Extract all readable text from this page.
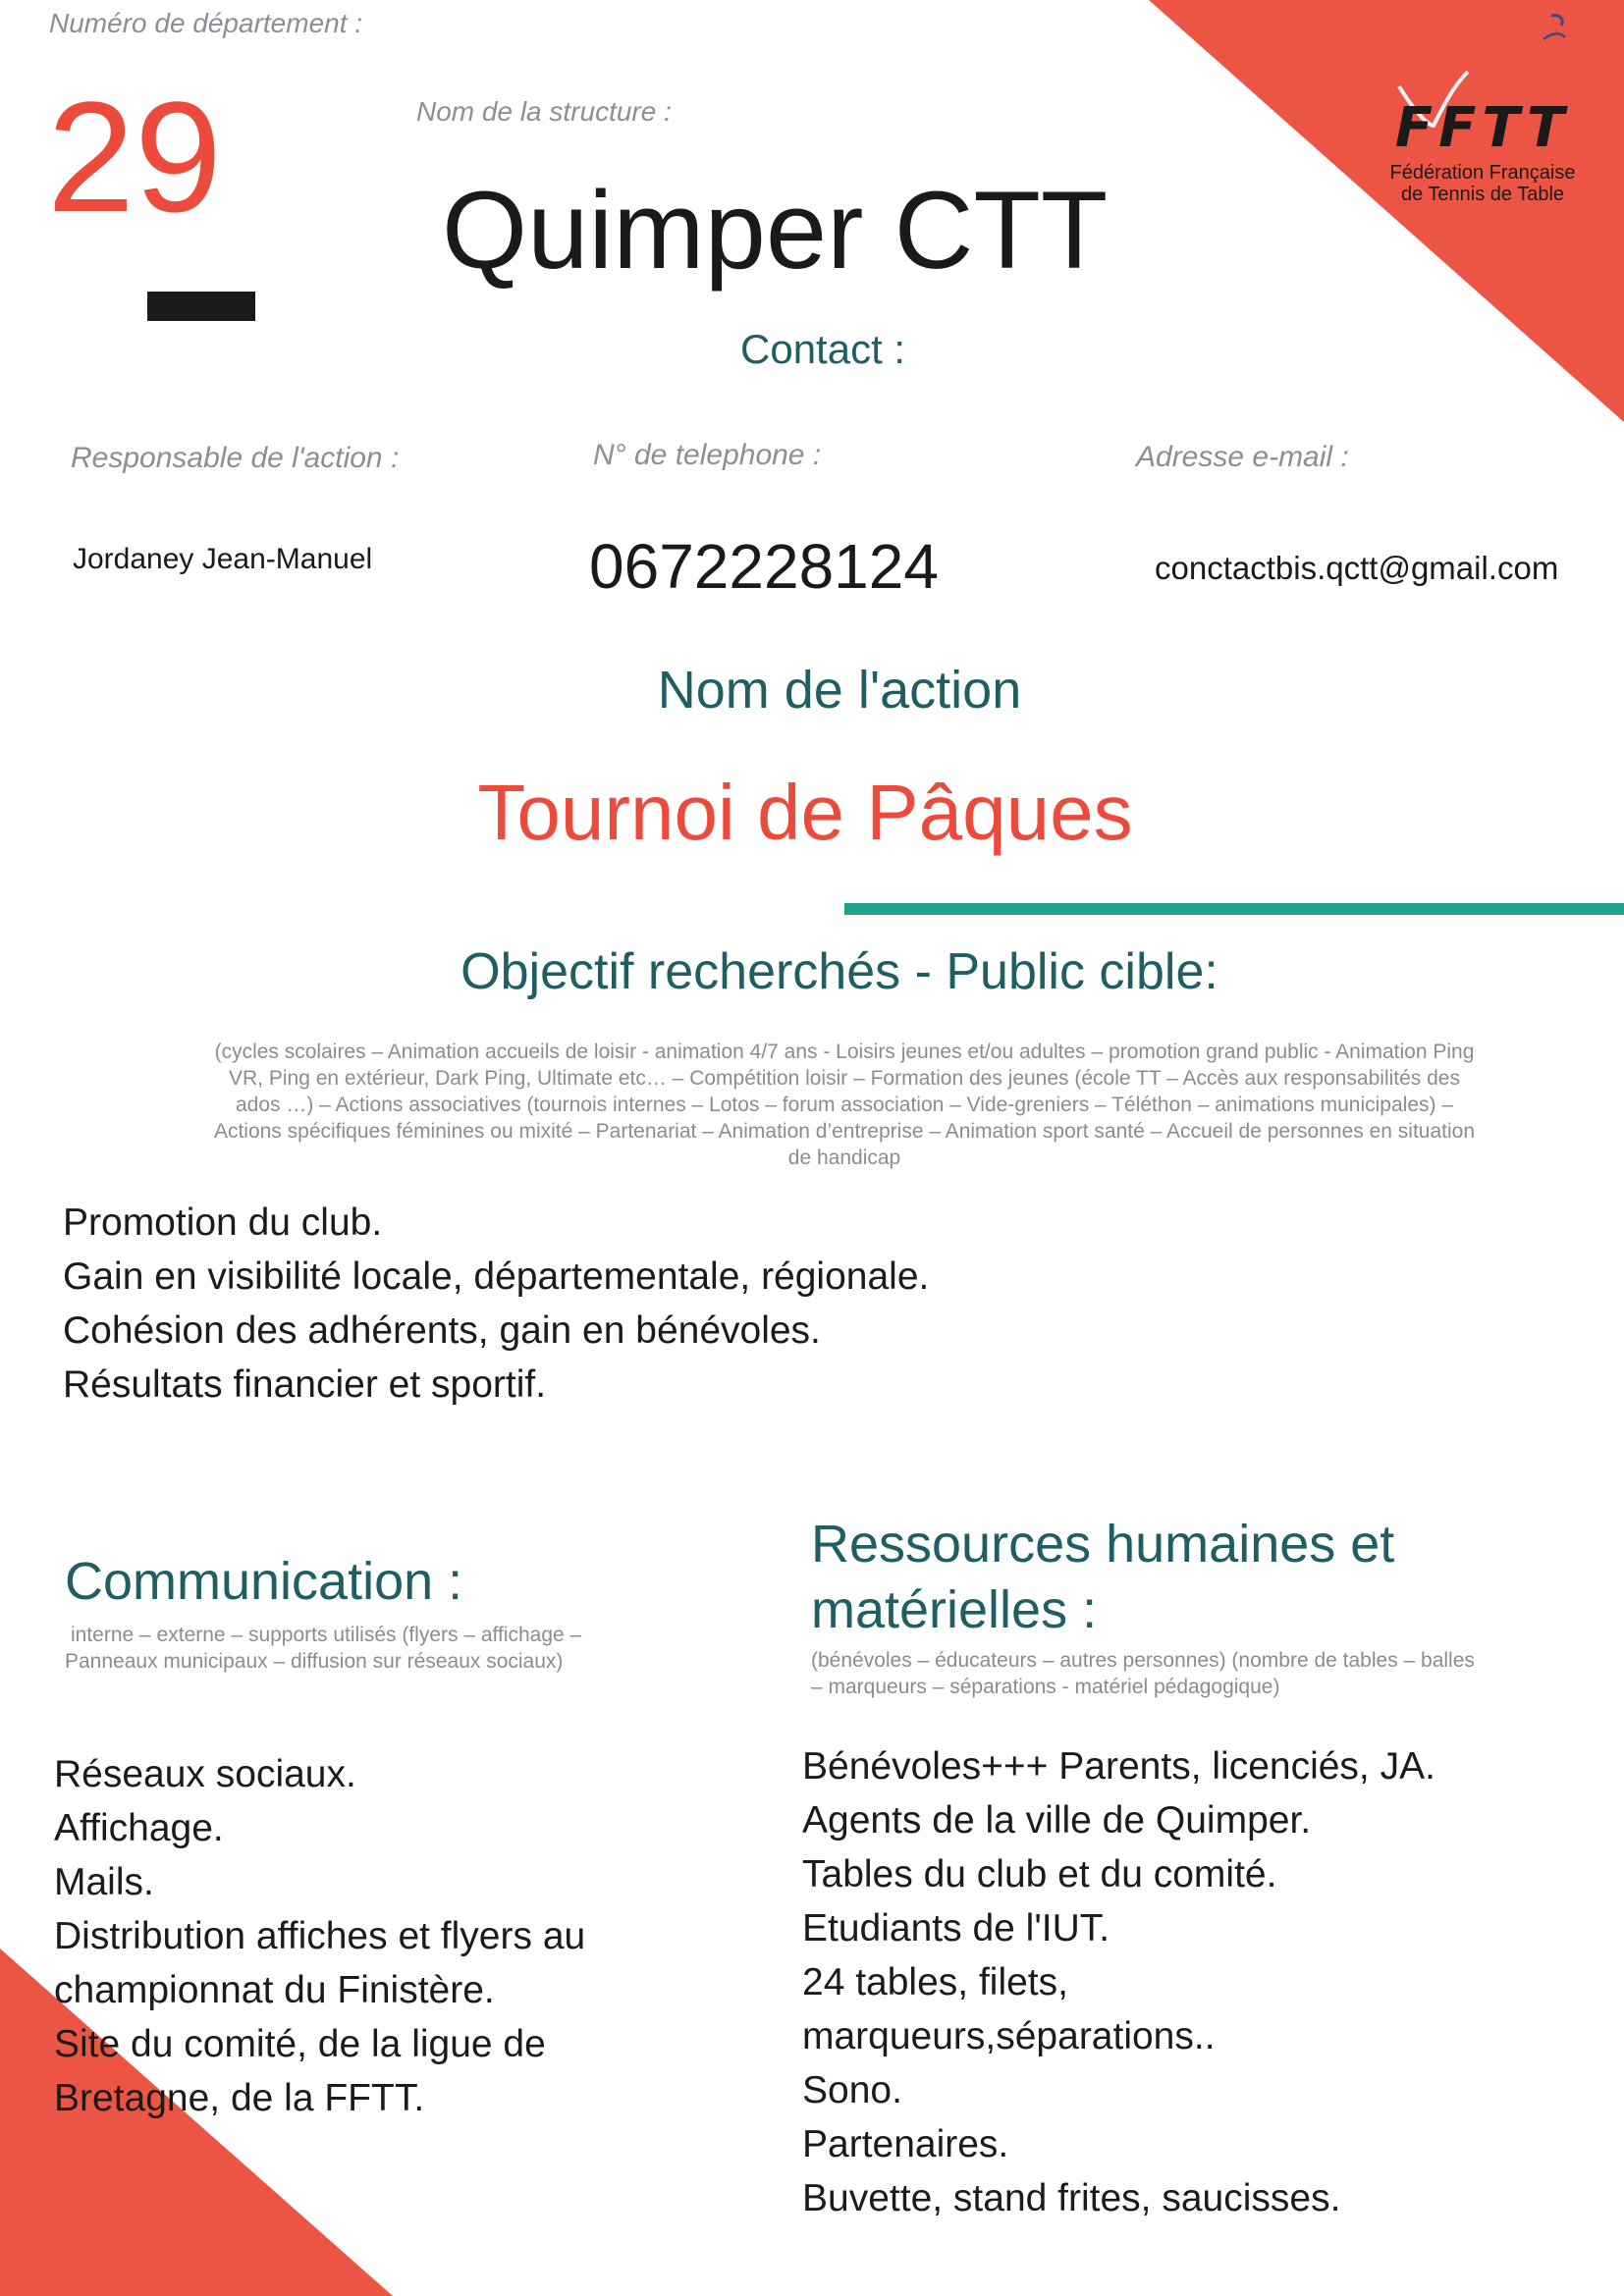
FFTT
Fédération Française
de Tennis de Table
Numéro de département :
29	Nom de la structure :
Quimper CTT
Contact :
Responsable de l'action :	N° de telephone :	Adresse e-mail :
Jordaney Jean-Manuel	0672228124	conctactbis.qctt@gmail.com
Nom de l'action
Tournoi de Pâques
Objectif recherchés - Public cible:
(cycles scolaires – Animation accueils de loisir - animation 4/7 ans - Loisirs jeunes et/ou adultes – promotion grand public - Animation Ping
VR, Ping en extérieur, Dark Ping, Ultimate etc… – Compétition loisir – Formation des jeunes (école TT – Accès aux responsabilités des
ados …) – Actions associatives (tournois internes – Lotos – forum association – Vide-greniers – Téléthon – animations municipales) –
Actions spécifiques féminines ou mixité – Partenariat – Animation d’entreprise – Animation sport santé – Accueil de personnes en situation
de handicap
Promotion du club.
Gain en visibilité locale, départementale, régionale.
Cohésion des adhérents, gain en bénévoles.
Résultats financier et sportif.
Communication :
interne – externe – supports utilisés (flyers – affichage –
Panneaux municipaux – diffusion sur réseaux sociaux)
Réseaux sociaux.
Affichage.
Mails.
Distribution affiches et flyers au
championnat du Finistère.
Site du comité, de la ligue de
Bretagne, de la FFTT.
Ressources humaines et
matérielles :
(bénévoles – éducateurs – autres personnes) (nombre de tables – balles
– marqueurs – séparations - matériel pédagogique)
Bénévoles+++ Parents, licenciés, JA.
Agents de la ville de Quimper.
Tables du club et du comité.
Etudiants de l'IUT.
24 tables, filets,
marqueurs,séparations..
Sono.
Partenaires.
Buvette, stand frites, saucisses.
